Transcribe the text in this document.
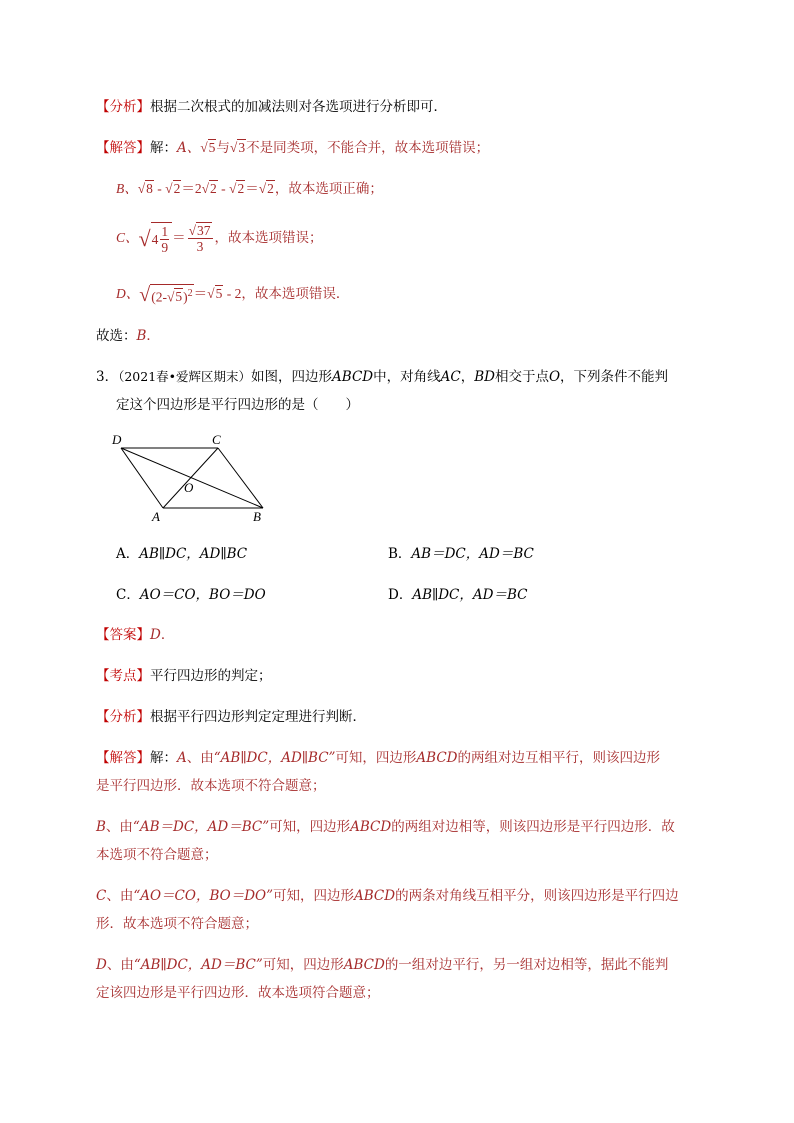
【分析】根据二次根式的加减法则对各选项进行分析即可．
【解答】解：A、√5与√3不是同类项，不能合并，故本选项错误；
B、√8 - √2＝2√2 - √2＝√2，故本选项正确；
C、$√4 \frac{1}{9} = \frac{√37}{3}$ ，故本选项错误；
D、$√(2-√5)^2=√5 - 2$，故本选项错误．
故选：B．
3．（2021春•爱辉区期末）如图，四边形ABCD中，对角线AC，BD相交于点O，下列条件不能判
定这个四边形是平行四边形的是（　　）
D	C
A	B
O
A．AB∥DC，AD∥BC	B．AB＝DC，AD＝BC
C．AO＝CO，BO＝DO	D．AB∥DC，AD＝BC
【答案】D．
【考点】平行四边形的判定；
【分析】根据平行四边形判定定理进行判断．
【解答】解：A、由“AB∥DC，AD∥BC”可知，四边形ABCD的两组对边互相平行，则该四边形
是平行四边形．故本选项不符合题意；
B、由“AB＝DC，AD＝BC”可知，四边形ABCD的两组对边相等，则该四边形是平行四边形．故
本选项不符合题意；
C、由“AO＝CO，BO＝DO”可知，四边形ABCD的两条对角线互相平分，则该四边形是平行四边
形．故本选项不符合题意；
D、由“AB∥DC，AD＝BC”可知，四边形ABCD的一组对边平行，另一组对边相等，据此不能判
定该四边形是平行四边形．故本选项符合题意；
